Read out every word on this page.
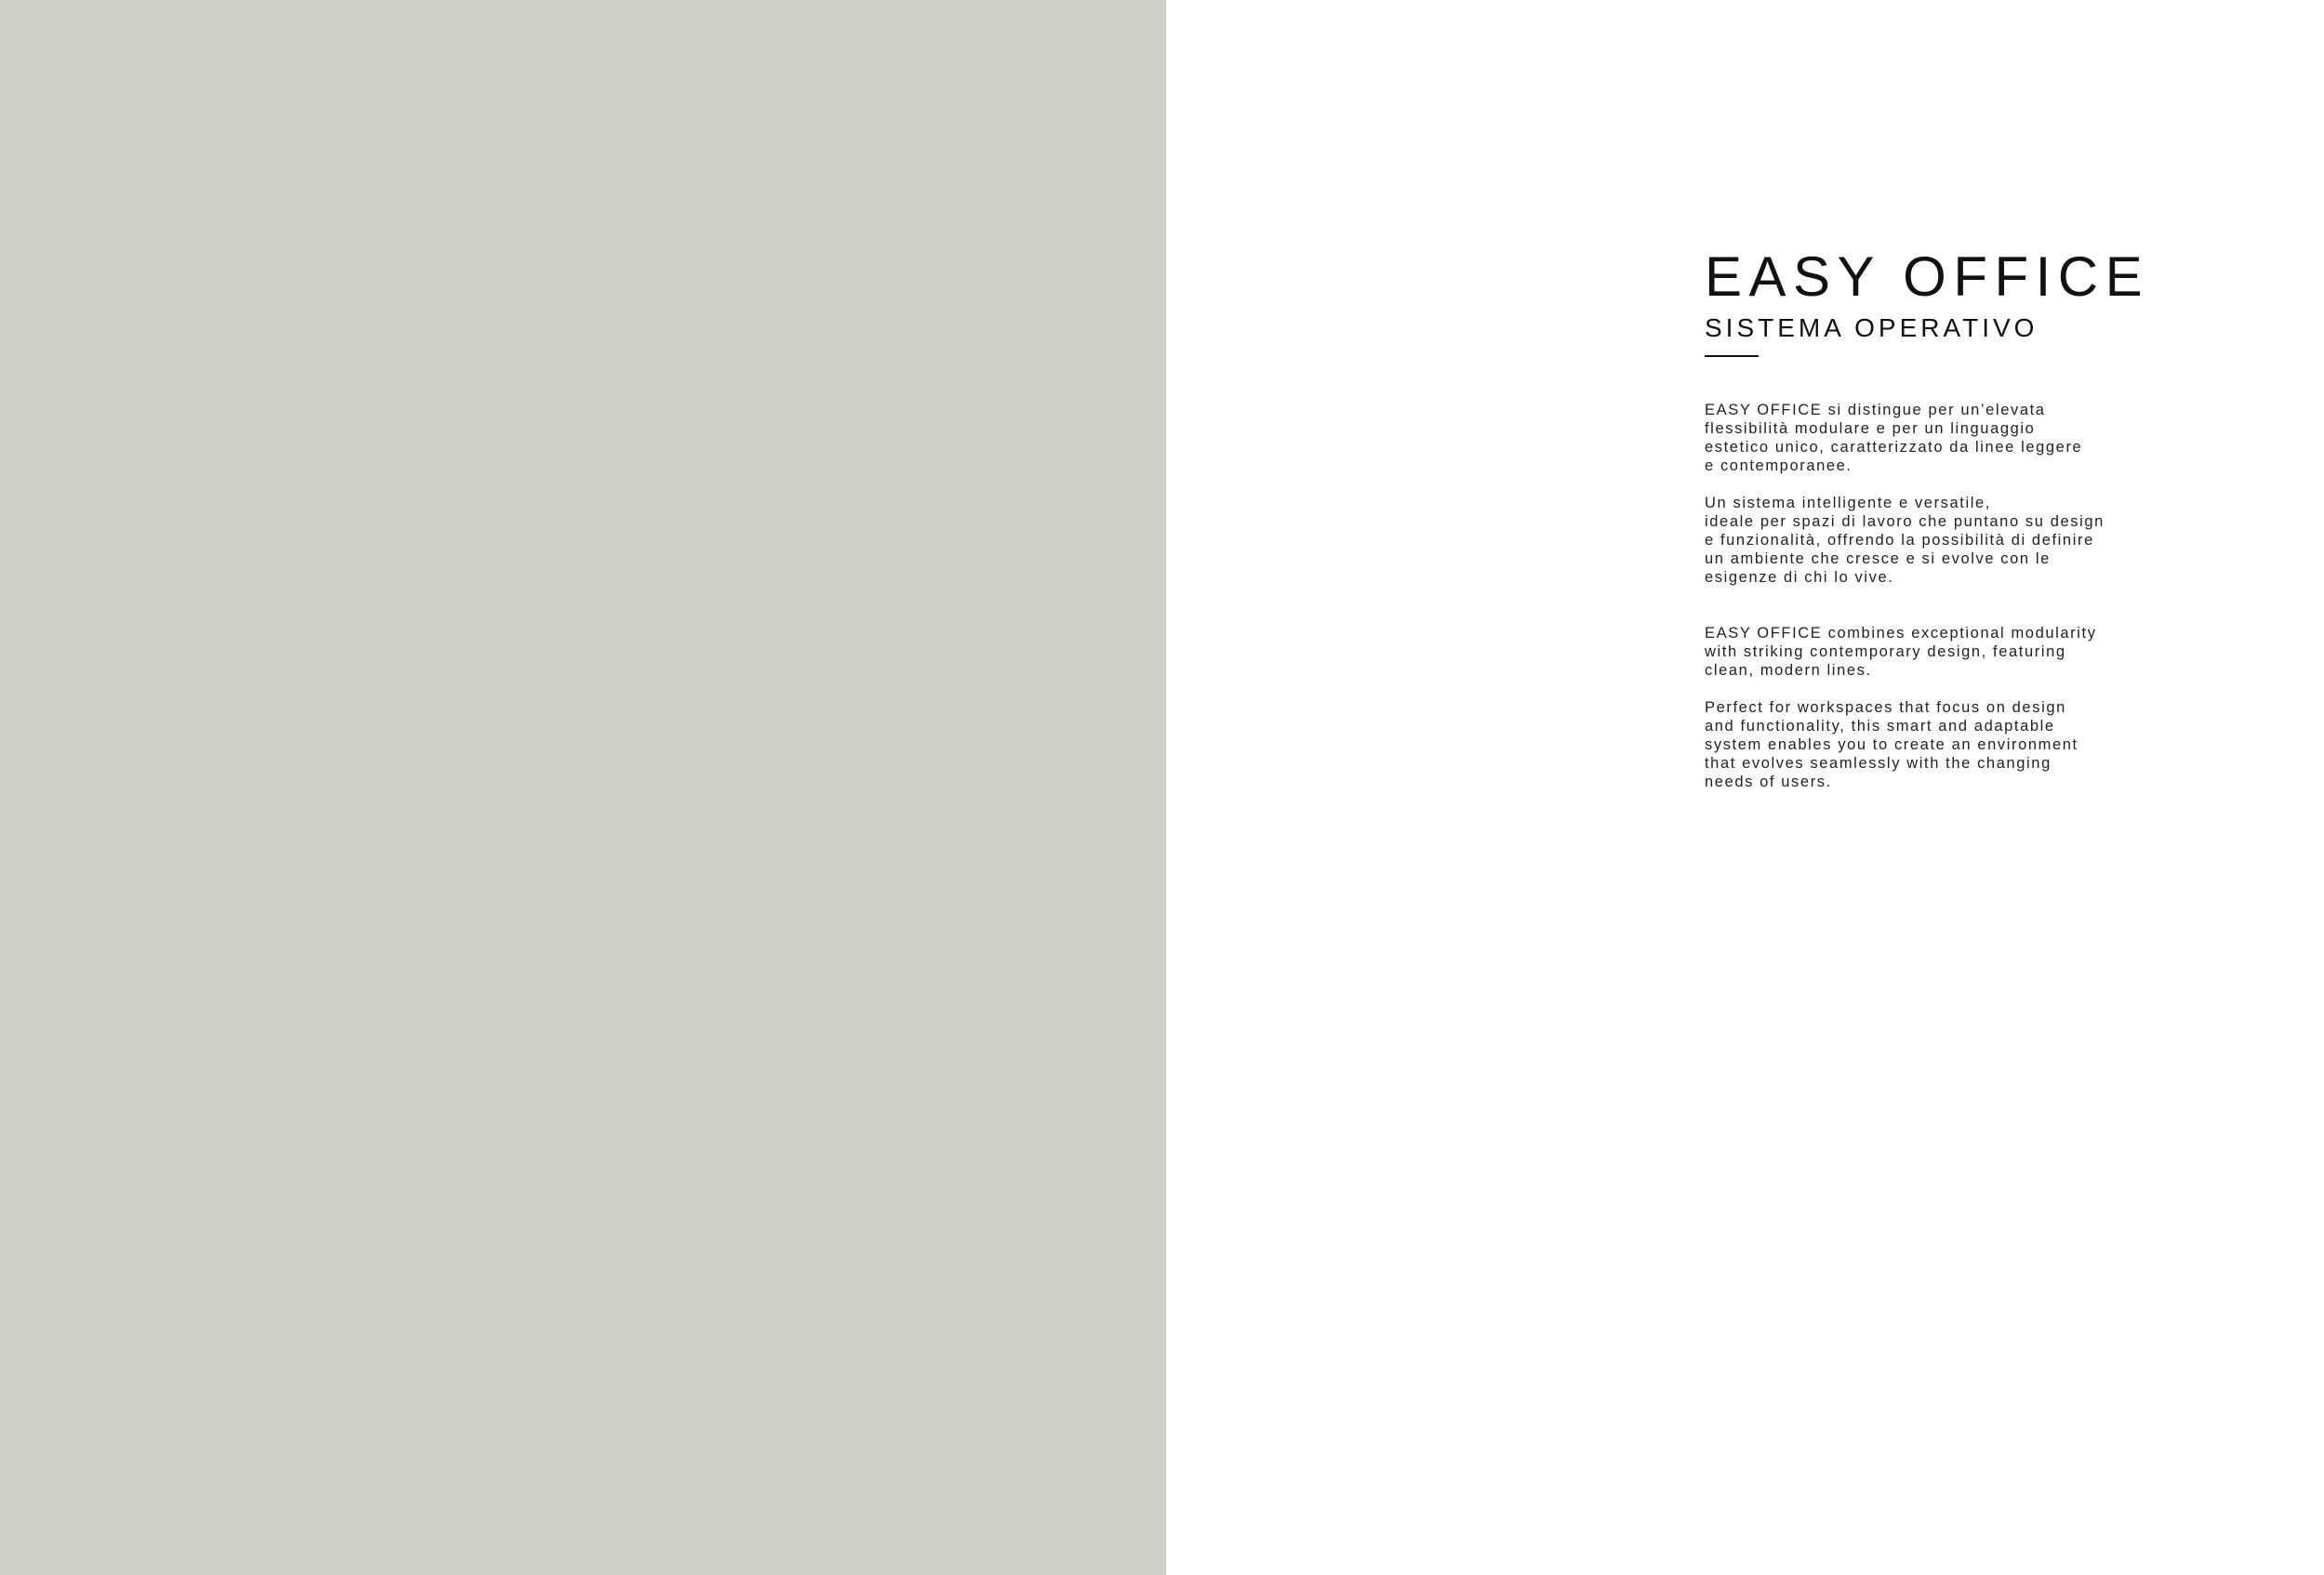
EASY OFFICE
SISTEMA OPERATIVO

EASY OFFICE si distingue per un’elevata
flessibilità modulare e per un linguaggio
estetico unico, caratterizzato da linee leggere
e contemporanee.

Un sistema intelligente e versatile,
ideale per spazi di lavoro che puntano su design
e funzionalità, offrendo la possibilità di definire
un ambiente che cresce e si evolve con le
esigenze di chi lo vive.

EASY OFFICE combines exceptional modularity
with striking contemporary design, featuring
clean, modern lines.

Perfect for workspaces that focus on design
and functionality, this smart and adaptable
system enables you to create an environment
that evolves seamlessly with the changing
needs of users.
